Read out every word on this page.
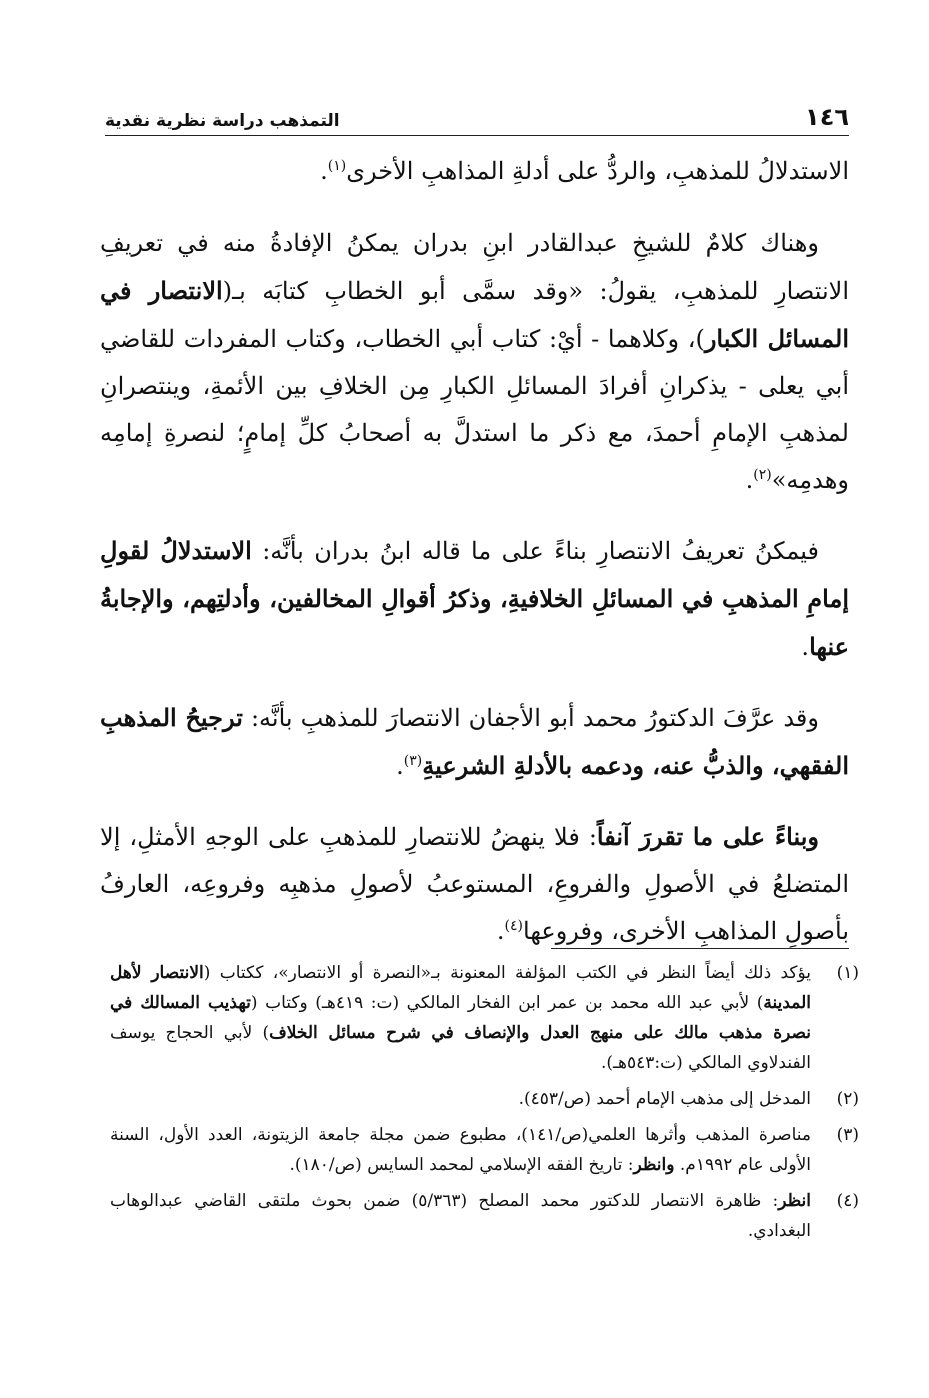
١٤٦
التمذهب دراسة نظرية نقدية

الاستدلالُ للمذهبِ، والردُّ على أدلةِ المذاهبِ الأخرى$^{(١)}$.

وهناك كلامٌ للشيخِ عبدالقادر ابنِ بدران يمكنُ الإفادةُ منه في تعريفِ الانتصارِ للمذهبِ، يقولُ: «وقد سمَّى أبو الخطابِ كتابَه بـ(الانتصار في المسائل الكبار)، وكلاهما - أيْ: كتاب أبي الخطاب، وكتاب المفردات للقاضي أبي يعلى - يذكرانِ أفرادَ المسائلِ الكبارِ مِن الخلافِ بين الأئمةِ، وينتصرانِ لمذهبِ الإمامِ أحمدَ، مع ذكر ما استدلَّ به أصحابُ كلِّ إمامٍ؛ لنصرةِ إمامِه وهدمِه»$^{(٢)}$.

فيمكنُ تعريفُ الانتصارِ بناءً على ما قاله ابنُ بدران بأنَّه: الاستدلالُ لقولِ إمامِ المذهبِ في المسائلِ الخلافيةِ، وذكرُ أقوالِ المخالفين، وأدلتِهم، والإجابةُ عنها.

وقد عرَّفَ الدكتورُ محمد أبو الأجفان الانتصارَ للمذهبِ بأنَّه: ترجيحُ المذهبِ الفقهي، والذبُّ عنه، ودعمه بالأدلةِ الشرعيةِ$^{(٣)}$.

وبناءً على ما تقررَ آنفاً: فلا ينهضُ للانتصارِ للمذهبِ على الوجهِ الأمثلِ، إلا المتضلعُ في الأصولِ والفروعِ، المستوعبُ لأصولِ مذهبِه وفروعِه، العارفُ بأصولِ المذاهبِ الأخرى، وفروعها$^{(٤)}$.

(١)
يؤكد ذلك أيضاً النظر في الكتب المؤلفة المعنونة بـ«النصرة أو الانتصار»، ككتاب (الانتصار لأهل المدينة) لأبي عبد الله محمد بن عمر ابن الفخار المالكي (ت: ٤١٩هـ) وكتاب (تهذيب المسالك في نصرة مذهب مالك على منهج العدل والإنصاف في شرح مسائل الخلاف) لأبي الحجاج يوسف الفندلاوي المالكي (ت:٥٤٣هـ).
(٢)
المدخل إلى مذهب الإمام أحمد (ص/٤٥٣).
(٣)
مناصرة المذهب وأثرها العلمي(ص/١٤١)، مطبوع ضمن مجلة جامعة الزيتونة، العدد الأول، السنة الأولى عام ١٩٩٢م. وانظر: تاريخ الفقه الإسلامي لمحمد السايس (ص/١٨٠).
(٤)
انظر: ظاهرة الانتصار للدكتور محمد المصلح (٥/٣٦٣) ضمن بحوث ملتقى القاضي عبدالوهاب البغدادي.
